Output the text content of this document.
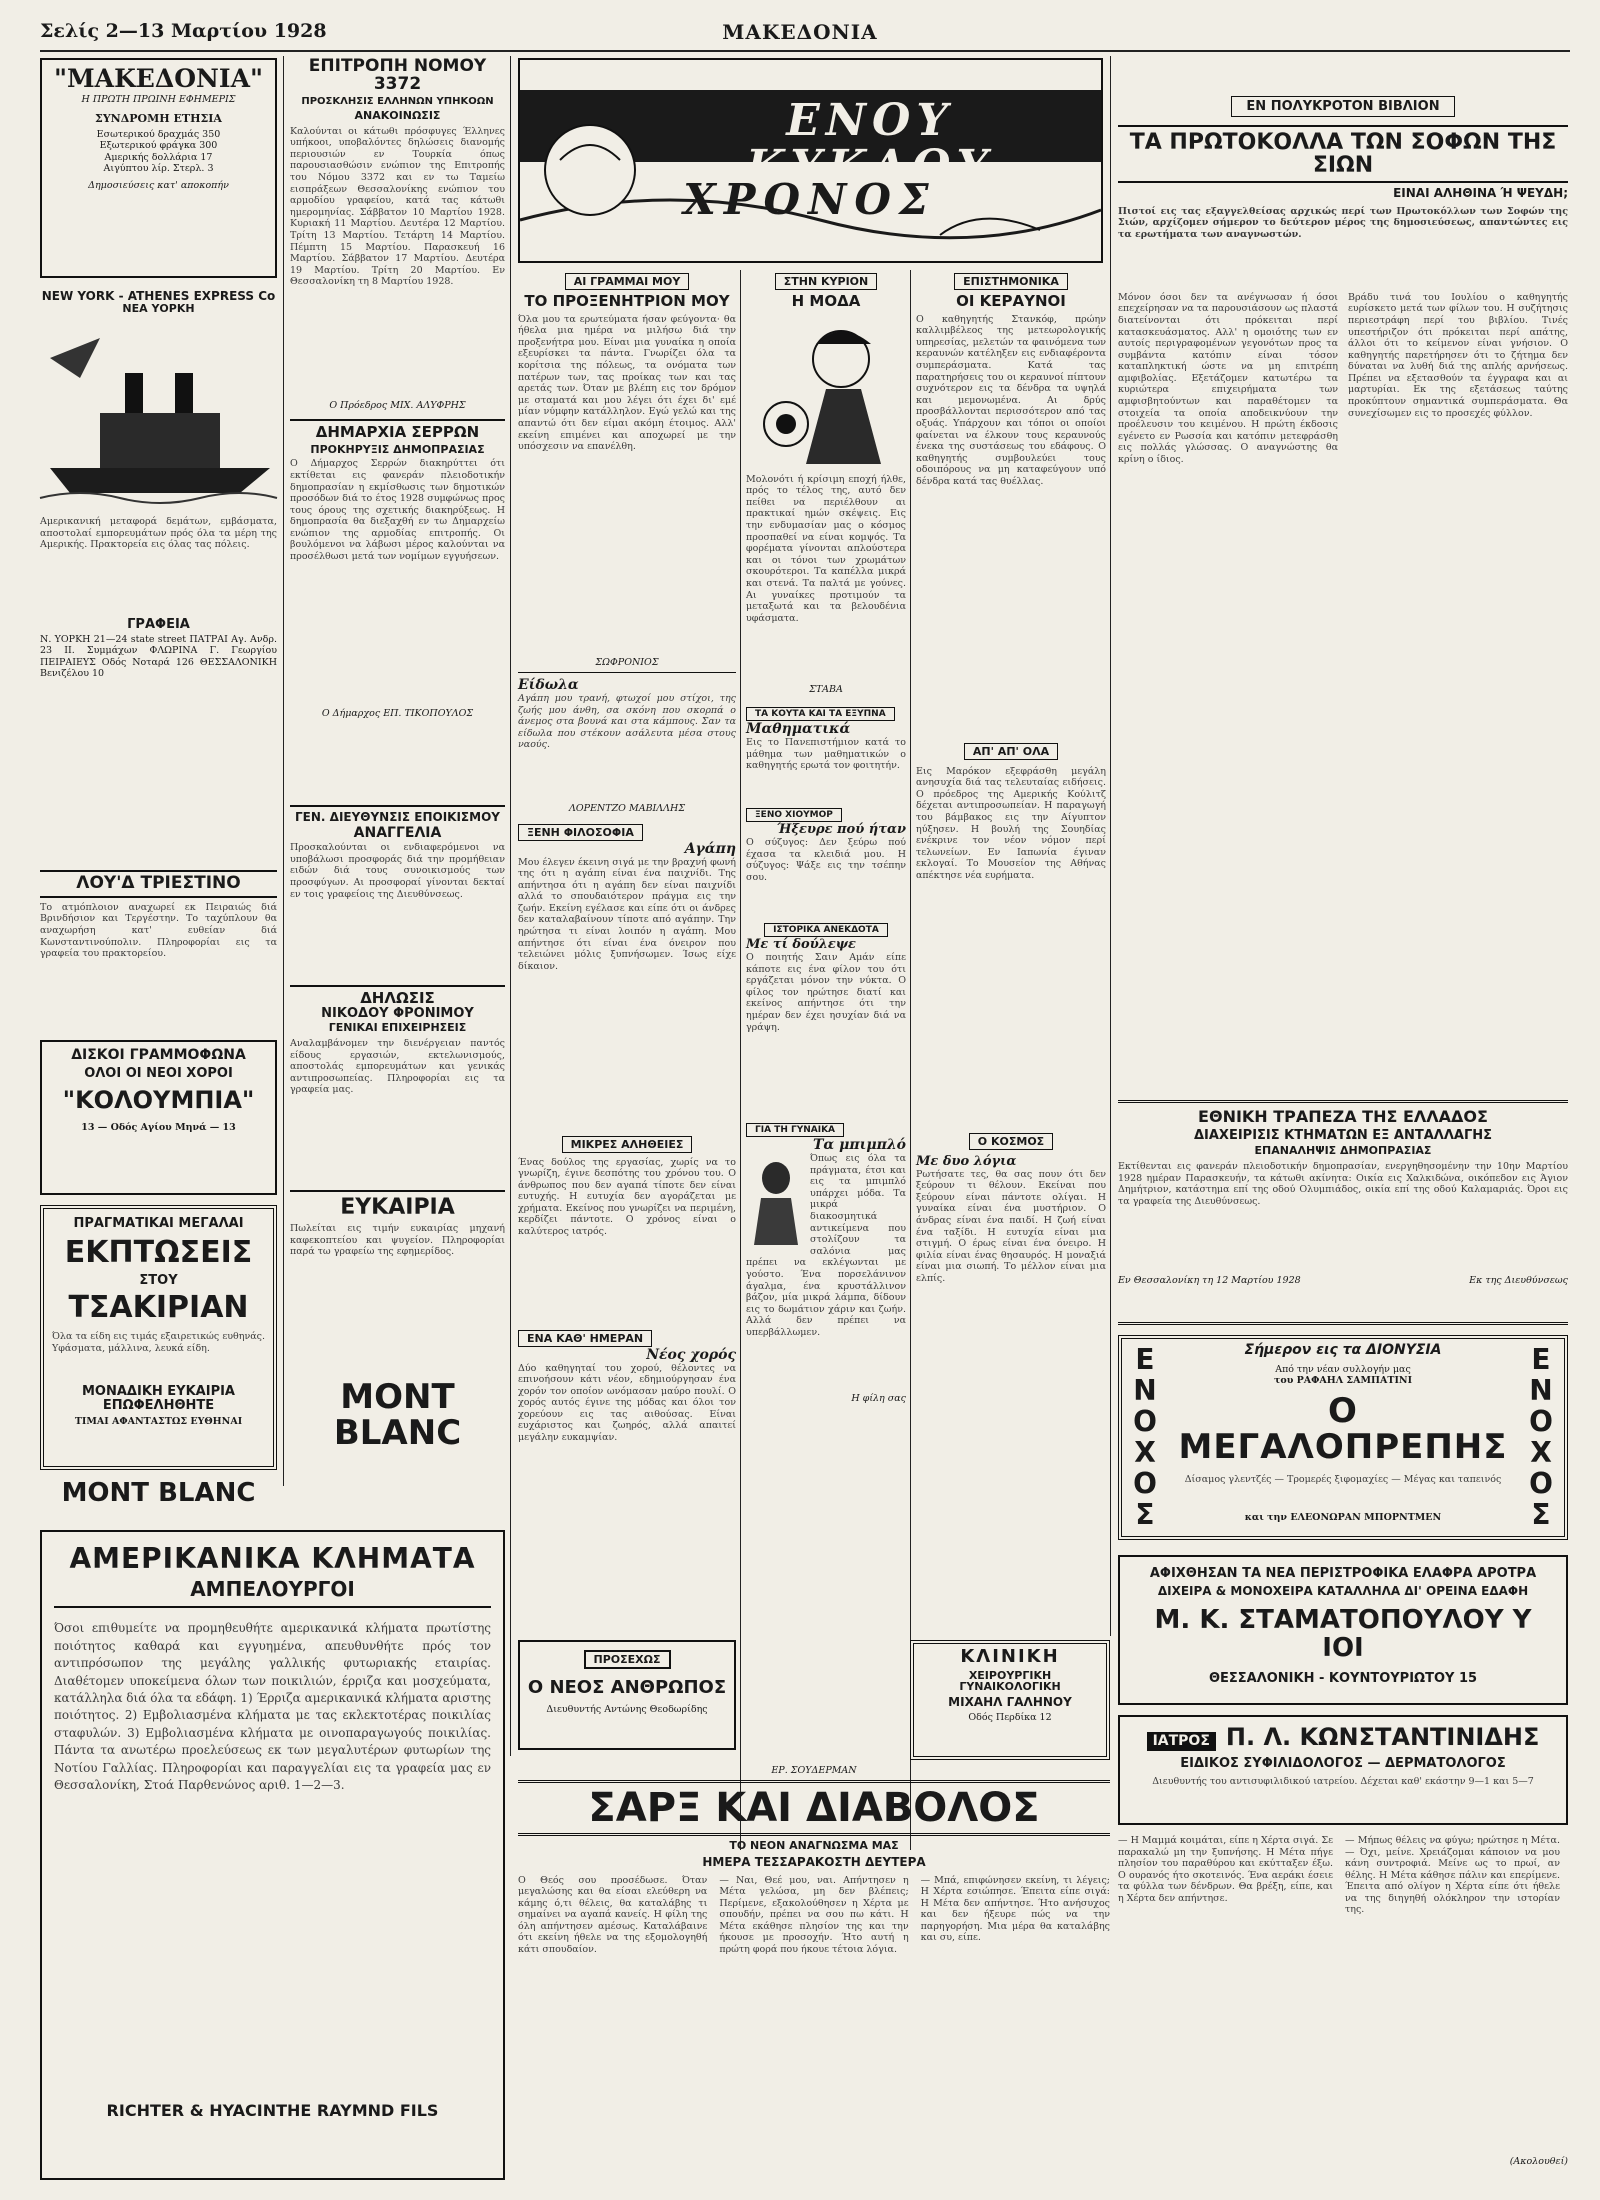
Σελίς 2—13 Μαρτίου 1928	ΜΑΚΕΔΟΝΙΑ
"ΜΑΚΕΔΟΝΙΑ"
Η ΠΡΩΤΗ ΠΡΩΙΝΗ ΕΦΗΜΕΡΙΣ
ΣΥΝΔΡΟΜΗ ΕΤΗΣΙΑ
Εσωτερικού δραχμάς 350
Εξωτερικού φράγκα 300
Αμερικής δολλάρια 17
Αιγύπτου λίρ. Στερλ. 3
Δημοσιεύσεις κατ' αποκοπήν
NEW YORK - ATHENES EXPRESS Co
ΝΕΑ ΥΟΡΚΗ
Αμερικανική μεταφορά δεμάτων, εμβάσματα, αποστολαί εμπορευμάτων πρός όλα τα μέρη της Αμερικής. Πρακτορεία εις όλας τας πόλεις.
ΓΡΑΦΕΙΑ
Ν. ΥΟΡΚΗ 21—24 state street ΠΑΤΡΑΙ Αγ. Ανδρ. 23 ΙΙ. Συμμάχων ΦΛΩΡΙΝΑ Γ. Γεωργίου ΠΕΙΡΑΙΕΥΣ Οδός Νοταρά 126 ΘΕΣΣΑΛΟΝΙΚΗ Βενιζέλου 10
ΛΟΥ'Δ ΤΡΙΕΣΤΙΝΟ
Το ατμόπλοιον αναχωρεί εκ Πειραιώς διά Βρινδήσιον και Τεργέστην. Το ταχύπλουν θα αναχωρήση κατ' ευθείαν διά Κωνσταντινούπολιν. Πληροφορίαι εις τα γραφεία του πρακτορείου.
ΔΙΣΚΟΙ ΓΡΑΜΜΟΦΩΝΑ
ΟΛΟΙ ΟΙ ΝΕΟΙ ΧΟΡΟΙ
"ΚΟΛΟΥΜΠΙΑ"
13 — Οδός Αγίου Μηνά — 13
ΠΡΑΓΜΑΤΙΚΑΙ ΜΕΓΑΛΑΙ
ΕΚΠΤΩΣΕΙΣ
ΣΤΟΥ
ΤΣΑΚΙΡΙΑΝ
Όλα τα είδη εις τιμάς εξαιρετικώς ευθηνάς. Υφάσματα, μάλλινα, λευκά είδη.
ΜΟΝΑΔΙΚΗ ΕΥΚΑΙΡΙΑ ΕΠΩΦΕΛΗΘΗΤΕ
ΤΙΜΑΙ ΑΦΑΝΤΑΣΤΩΣ ΕΥΘΗΝΑΙ
MONT BLANC
ΕΠΙΤΡΟΠΗ ΝΟΜΟΥ 3372
ΠΡΟΣΚΛΗΣΙΣ ΕΛΛΗΝΩΝ ΥΠΗΚΟΩΝ
ΑΝΑΚΟΙΝΩΣΙΣ
Καλούνται οι κάτωθι πρόσφυγες Έλληνες υπήκοοι, υποβαλόντες δηλώσεις διανομής περιουσιών εν Τουρκία όπως παρουσιασθώσιν ενώπιον της Επιτροπής του Νόμου 3372 και εν τω Ταμείω εισπράξεων Θεσσαλονίκης ενώπιον του αρμοδίου γραφείου, κατά τας κάτωθι ημερομηνίας. Σάββατον 10 Μαρτίου 1928. Κυριακή 11 Μαρτίου. Δευτέρα 12 Μαρτίου. Τρίτη 13 Μαρτίου. Τετάρτη 14 Μαρτίου. Πέμπτη 15 Μαρτίου. Παρασκευή 16 Μαρτίου. Σάββατον 17 Μαρτίου. Δευτέρα 19 Μαρτίου. Τρίτη 20 Μαρτίου. Εν Θεσσαλονίκη τη 8 Μαρτίου 1928.
Ο Πρόεδρος ΜΙΧ. ΑΛΥΦΡΗΣ
ΔΗΜΑΡΧΙΑ ΣΕΡΡΩΝ
ΠΡΟΚΗΡΥΞΙΣ ΔΗΜΟΠΡΑΣΙΑΣ
Ο Δήμαρχος Σερρών διακηρύττει ότι εκτίθεται εις φανεράν πλειοδοτικήν δημοπρασίαν η εκμίσθωσις των δημοτικών προσόδων διά το έτος 1928 συμφώνως προς τους όρους της σχετικής διακηρύξεως. Η δημοπρασία θα διεξαχθή εν τω Δημαρχείω ενώπιον της αρμοδίας επιτροπής. Οι βουλόμενοι να λάβωσι μέρος καλούνται να προσέλθωσι μετά των νομίμων εγγυήσεων.
Ο Δήμαρχος ΕΠ. ΤΙΚΟΠΟΥΛΟΣ
ΓΕΝ. ΔΙΕΥΘΥΝΣΙΣ ΕΠΟΙΚΙΣΜΟΥ
ΑΝΑΓΓΕΛΙΑ
Προσκαλούνται οι ενδιαφερόμενοι να υποβάλωσι προσφοράς διά την προμήθειαν ειδών διά τους συνοικισμούς των προσφύγων. Αι προσφοραί γίνονται δεκταί εν τοις γραφείοις της Διευθύνσεως.
ΔΗΛΩΣΙΣ
ΝΙΚΟΔΟΥ ΦΡΟΝΙΜΟΥ
ΓΕΝΙΚΑΙ ΕΠΙΧΕΙΡΗΣΕΙΣ
Αναλαμβάνομεν την διενέργειαν παντός είδους εργασιών, εκτελωνισμούς, αποστολάς εμπορευμάτων και γενικάς αντιπροσωπείας. Πληροφορίαι εις τα γραφεία μας.
ΕΥΚΑΙΡΙΑ
Πωλείται εις τιμήν ευκαιρίας μηχανή καφεκοπτείου και ψυγείον. Πληροφορίαι παρά τω γραφείω της εφημερίδος.
MONT BLANC
ΕΝΟΥ ΚΥΚΛΟΥ
ΧΡΟΝΟΣ
ΑΙ ΓΡΑΜΜΑΙ ΜΟΥ
ΤΟ ΠΡΟΞΕΝΗΤΡΙΟΝ ΜΟΥ
Όλα μου τα ερωτεύματα ήσαν φεύγοντα· θα ήθελα μια ημέρα να μιλήσω διά την προξενήτρα μου. Είναι μια γυναίκα η οποία εξευρίσκει τα πάντα. Γνωρίζει όλα τα κορίτσια της πόλεως, τα ονόματα των πατέρων των, τας προίκας των και τας αρετάς των. Όταν με βλέπη εις τον δρόμον με σταματά και μου λέγει ότι έχει δι' εμέ μίαν νύμφην κατάλληλον. Εγώ γελώ και της απαντώ ότι δεν είμαι ακόμη έτοιμος. Αλλ' εκείνη επιμένει και αποχωρεί με την υπόσχεσιν να επανέλθη.
ΣΩΦΡΟΝΙΟΣ
Είδωλα
Αγάπη μου τρανή, φτωχοί μου στίχοι, της ζωής μου άνθη, σα σκόνη που σκορπά ο άνεμος στα βουνά και στα κάμπους. Σαν τα είδωλα που στέκουν ασάλευτα μέσα στους ναούς.
ΛΟΡΕΝΤΖΟ ΜΑΒΙΛΛΗΣ
ΞΕΝΗ ΦΙΛΟΣΟΦΙΑ
Αγάπη
Μου έλεγεν έκεινη σιγά με την βραχνή φωνή της ότι η αγάπη είναι ένα παιχνίδι. Της απήντησα ότι η αγάπη δεν είναι παιχνίδι αλλά το σπουδαιότερον πράγμα εις την ζωήν. Εκείνη εγέλασε και είπε ότι οι άνδρες δεν καταλαβαίνουν τίποτε από αγάπην. Την ηρώτησα τι είναι λοιπόν η αγάπη. Μου απήντησε ότι είναι ένα όνειρον που τελειώνει μόλις ξυπνήσωμεν. Ίσως είχε δίκαιον.
ΜΙΚΡΕΣ ΑΛΗΘΕΙΕΣ
Ένας δούλος της εργασίας, χωρίς να το γνωρίζη, έγινε δεσπότης του χρόνου του. Ο άνθρωπος που δεν αγαπά τίποτε δεν είναι ευτυχής. Η ευτυχία δεν αγοράζεται με χρήματα. Εκείνος που γνωρίζει να περιμένη, κερδίζει πάντοτε. Ο χρόνος είναι ο καλύτερος ιατρός.
ΕΝΑ ΚΑΘ' ΗΜΕΡΑΝ
Νέος χορός
Δύο καθηγηταί του χορού, θέλοντες να επινοήσουν κάτι νέον, εδημιούργησαν ένα χορόν τον οποίον ωνόμασαν μαύρο πουλί. Ο χορός αυτός έγινε της μόδας και όλοι τον χορεύουν εις τας αιθούσας. Είναι ευχάριστος και ζωηρός, αλλά απαιτεί μεγάλην ευκαμψίαν.
ΠΡΟΣΕΧΩΣ
Ο ΝΕΟΣ ΑΝΘΡΩΠΟΣ
Διευθυντής Αντώνης Θεοδωρίδης
ΣΤΗΝ ΚΥΡΙΟΝ
Η ΜΟΔΑ
Μολονότι ή κρίσιμη εποχή ήλθε, πρός το τέλος της, αυτό δεν πείθει να περιέλθουν αι πρακτικαί ημών σκέψεις. Εις την ενδυμασίαν μας ο κόσμος προσπαθεί να είναι κομψός. Τα φορέματα γίνονται απλούστερα και οι τόνοι των χρωμάτων σκουρότεροι. Τα καπέλλα μικρά και στενά. Τα παλτά με γούνες. Αι γυναίκες προτιμούν τα μεταξωτά και τα βελουδένια υφάσματα.
ΣΤΑΒΑ
ΤΑ ΚΟΥΤΑ ΚΑΙ ΤΑ ΕΞΥΠΝΑ
Μαθηματικά
Εις το Πανεπιστήμιον κατά το μάθημα των μαθηματικών ο καθηγητής ερωτά τον φοιτητήν.
ΞΕΝΟ ΧΙΟΥΜΟΡ
Ήξευρε πού ήταν
Ο σύζυγος: Δεν ξεύρω πού έχασα τα κλειδιά μου. Η σύζυγος: Ψάξε εις την τσέπην σου.
ΙΣΤΟΡΙΚΑ ΑΝΕΚΔΟΤΑ
Με τί δούλεψε
Ο ποιητής Σαιν Αμάν είπε κάποτε εις ένα φίλον του ότι εργάζεται μόνον την νύκτα. Ο φίλος τον ηρώτησε διατί και εκείνος απήντησε ότι την ημέραν δεν έχει ησυχίαν διά να γράψη.
ΓΙΑ ΤΗ ΓΥΝΑΙΚΑ
Τα μπιμπλό
Όπως εις όλα τα πράγματα, έτσι και εις τα μπιμπλό υπάρχει μόδα. Τα μικρά διακοσμητικά αντικείμενα που στολίζουν τα σαλόνια μας πρέπει να εκλέγωνται με γούστο. Ένα πορσελάνινον άγαλμα, ένα κρυστάλλινον βάζον, μία μικρά λάμπα, δίδουν εις το δωμάτιον χάριν και ζωήν. Αλλά δεν πρέπει να υπερβάλλωμεν.
Η φίλη σας
ΕΠΙΣΤΗΜΟΝΙΚΑ
ΟΙ ΚΕΡΑΥΝΟΙ
Ο καθηγητής Στανκόφ, πρώην καλλιμβέλεος της μετεωρολογικής υπηρεσίας, μελετών τα φαινόμενα των κεραυνών κατέληξεν εις ενδιαφέροντα συμπεράσματα. Κατά τας παρατηρήσεις του οι κεραυνοί πίπτουν συχνότερον εις τα δένδρα τα υψηλά και μεμονωμένα. Αι δρύς προσβάλλονται περισσότερον από τας οξυάς. Υπάρχουν και τόποι οι οποίοι φαίνεται να έλκουν τους κεραυνούς ένεκα της συστάσεως του εδάφους. Ο καθηγητής συμβουλεύει τους οδοιπόρους να μη καταφεύγουν υπό δένδρα κατά τας θυέλλας.
ΑΠ' ΑΠ' ΟΛΑ
Εις Μαρόκον εξεφράσθη μεγάλη ανησυχία διά τας τελευταίας ειδήσεις. Ο πρόεδρος της Αμερικής Κούλιτζ δέχεται αντιπροσωπείαν. Η παραγωγή του βάμβακος εις την Αίγυπτον ηύξησεν. Η βουλή της Σουηδίας ενέκρινε τον νέον νόμον περί τελωνείων. Εν Ιαπωνία έγιναν εκλογαί. Το Μουσείον της Αθήνας απέκτησε νέα ευρήματα.
Ο ΚΟΣΜΟΣ
Με δυο λόγια
Ρωτήσατε τες, θα σας πουν ότι δεν ξεύρουν τι θέλουν. Εκείναι που ξεύρουν είναι πάντοτε ολίγαι. Η γυναίκα είναι ένα μυστήριον. Ο άνδρας είναι ένα παιδί. Η ζωή είναι ένα ταξίδι. Η ευτυχία είναι μια στιγμή. Ο έρως είναι ένα όνειρο. Η φιλία είναι ένας θησαυρός. Η μοναξιά είναι μια σιωπή. Το μέλλον είναι μια ελπίς.
ΚΛΙΝΙΚΗ
ΧΕΙΡΟΥΡΓΙΚΗ ΓΥΝΑΙΚΟΛΟΓΙΚΗ
ΜΙΧΑΗΛ ΓΑΛΗΝΟΥ
Οδός Περδίκα 12
ΕΝ ΠΟΛΥΚΡΟΤΟΝ ΒΙΒΛΙΟΝ
ΤΑ ΠΡΩΤΟΚΟΛΛΑ ΤΩΝ ΣΟΦΩΝ ΤΗΣ ΣΙΩΝ
ΕΙΝΑΙ ΑΛΗΘΙΝΑ Ή ΨΕΥΔΗ;
Πιστοί εις τας εξαγγελθείσας αρχικώς περί των Πρωτοκόλλων των Σοφών της Σιών, αρχίζομεν σήμερον το δεύτερον μέρος της δημοσιεύσεως, απαντώντες εις τα ερωτήματα των αναγνωστών.
Μόνον όσοι δεν τα ανέγνωσαν ή όσοι επεχείρησαν να τα παρουσιάσουν ως πλαστά διατείνονται ότι πρόκειται περί κατασκευάσματος. Αλλ' η ομοιότης των εν αυτοίς περιγραφομένων γεγονότων προς τα συμβάντα κατόπιν είναι τόσον καταπληκτική ώστε να μη επιτρέπη αμφιβολίας. Εξετάζομεν κατωτέρω τα κυριώτερα επιχειρήματα των αμφισβητούντων και παραθέτομεν τα στοιχεία τα οποία αποδεικνύουν την προέλευσιν του κειμένου. Η πρώτη έκδοσις εγένετο εν Ρωσσία και κατόπιν μετεφράσθη εις πολλάς γλώσσας. Ο αναγνώστης θα κρίνη ο ίδιος.
Βράδυ τινά του Ιουλίου ο καθηγητής ευρίσκετο μετά των φίλων του. Η συζήτησις περιεστράφη περί του βιβλίου. Τινές υπεστήριζον ότι πρόκειται περί απάτης, άλλοι ότι το κείμενον είναι γνήσιον. Ο καθηγητής παρετήρησεν ότι το ζήτημα δεν δύναται να λυθή διά της απλής αρνήσεως. Πρέπει να εξετασθούν τα έγγραφα και αι μαρτυρίαι. Εκ της εξετάσεως ταύτης προκύπτουν σημαντικά συμπεράσματα. Θα συνεχίσωμεν εις το προσεχές φύλλον.
ΕΘΝΙΚΗ ΤΡΑΠΕΖΑ ΤΗΣ ΕΛΛΑΔΟΣ
ΔΙΑΧΕΙΡΙΣΙΣ ΚΤΗΜΑΤΩΝ ΕΞ ΑΝΤΑΛΛΑΓΗΣ
ΕΠΑΝΑΛΗΨΙΣ ΔΗΜΟΠΡΑΣΙΑΣ
Εκτίθενται εις φανεράν πλειοδοτικήν δημοπρασίαν, ενεργηθησομένην την 10ην Μαρτίου 1928 ημέραν Παρασκευήν, τα κάτωθι ακίνητα: Οικία εις Χαλκιδώνα, οικόπεδον εις Άγιον Δημήτριον, κατάστημα επί της οδού Ολυμπιάδος, οικία επί της οδού Καλαμαριάς. Όροι εις τα γραφεία της Διευθύνσεως.
Εν Θεσσαλονίκη τη 12 Μαρτίου 1928	Εκ της Διευθύνσεως
Ε
Ν
Ο
Χ
Ο
Σ
Ε
Ν
Ο
Χ
Ο
Σ
Σήμερον εις τα ΔΙΟΝΥΣΙΑ
Από την νέαν συλλογήν μας
του ΡΑΦΑΗΛ ΣΑΜΠΑΤΙΝΙ
Ο ΜΕΓΑΛΟΠΡΕΠΗΣ
Δίσαμος γλεντζές — Τρομερές ξιφομαχίες — Μέγας και ταπεινός
και την ΕΛΕΟΝΩΡΑΝ ΜΠΟΡΝΤΜΕΝ
ΑΦΙΧΘΗΣΑΝ ΤΑ ΝΕΑ ΠΕΡΙΣΤΡΟΦΙΚΑ ΕΛΑΦΡΑ ΑΡΟΤΡΑ
ΔΙΧΕΙΡΑ & ΜΟΝΟΧΕΙΡΑ ΚΑΤΑΛΛΗΛΑ ΔΙ' ΟΡΕΙΝΑ ΕΔΑΦΗ
Μ. Κ. ΣΤΑΜΑΤΟΠΟΥΛΟΥ Υ ΙΟΙ
ΘΕΣΣΑΛΟΝΙΚΗ - ΚΟΥΝΤΟΥΡΙΩΤΟΥ 15
ΙΑΤΡΟΣ Π. Λ. ΚΩΝΣΤΑΝΤΙΝΙΔΗΣ
ΕΙΔΙΚΟΣ ΣΥΦΙΛΙΔΟΛΟΓΟΣ — ΔΕΡΜΑΤΟΛΟΓΟΣ
Διευθυντής του αντισυφιλιδικού ιατρείου. Δέχεται καθ' εκάστην 9—1 και 5—7
ΑΜΕΡΙΚΑΝΙΚΑ ΚΛΗΜΑΤΑ
ΑΜΠΕΛΟΥΡΓΟΙ
Όσοι επιθυμείτε να προμηθευθήτε αμερικανικά κλήματα πρωτίστης ποιότητος καθαρά και εγγυημένα, απευθυνθήτε πρός τον αντιπρόσωπον της μεγάλης γαλλικής φυτωριακής εταιρίας. Διαθέτομεν υποκείμενα όλων των ποικιλιών, έρριζα και μοσχεύματα, κατάλληλα διά όλα τα εδάφη. 1) Έρριζα αμερικανικά κλήματα αριστης ποιότητος. 2) Εμβολιασμένα κλήματα με τας εκλεκτοτέρας ποικιλίας σταφυλών. 3) Εμβολιασμένα κλήματα με οινοπαραγωγούς ποικιλίας. Πάντα τα ανωτέρω προελεύσεως εκ των μεγαλυτέρων φυτωρίων της Νοτίου Γαλλίας. Πληροφορίαι και παραγγελίαι εις τα γραφεία μας εν Θεσσαλονίκη, Στοά Παρθενώνος αριθ. 1—2—3.
RICHTER & HYACINTHE RAYMND FILS
ΕΡ. ΣΟΥΔΕΡΜΑΝ
ΣΑΡΞ ΚΑΙ ΔΙΑΒΟΛΟΣ
ΤΟ ΝΕΟΝ ΑΝΑΓΝΩΣΜΑ ΜΑΣ
ΗΜΕΡΑ ΤΕΣΣΑΡΑΚΟΣΤΗ ΔΕΥΤΕΡΑ
Ο Θεός σου προσέδωσε. Όταν μεγαλώσης και θα είσαι ελεύθερη να κάμης ό,τι θέλεις, θα καταλάβης τι σημαίνει να αγαπά κανείς. Η φίλη της όλη απήντησεν αμέσως. Καταλάβαινε ότι εκείνη ήθελε να της εξομολογηθή κάτι σπουδαίον.
— Ναι, Θεέ μου, ναι. Απήντησεν η Μέτα γελώσα, μη δεν βλέπεις; Περίμενε, εξακολούθησεν η Χέρτα με σπουδήν, πρέπει να σου πω κάτι. Η Μέτα εκάθησε πλησίον της και την ήκουσε με προσοχήν. Ήτο αυτή η πρώτη φορά που ήκουε τέτοια λόγια.
— Μπά, επιφώνησεν εκείνη, τι λέγεις; Η Χέρτα εσιώπησε. Έπειτα είπε σιγά: Η Μέτα δεν απήντησε. Ήτο ανήσυχος και δεν ήξευρε πώς να την παρηγορήση. Μια μέρα θα καταλάβης και συ, είπε.
— Η Μαμμά κοιμάται, είπε η Χέρτα σιγά. Σε παρακαλώ μη την ξυπνήσης. Η Μέτα πήγε πλησίον του παραθύρου και εκύτταξεν έξω. Ο ουρανός ήτο σκοτεινός. Ένα αεράκι έσειε τα φύλλα των δένδρων. Θα βρέξη, είπε, και η Χέρτα δεν απήντησε.
— Μήπως θέλεις να φύγω; ηρώτησε η Μέτα. — Όχι, μείνε. Χρειάζομαι κάποιον να μου κάνη συντροφιά. Μείνε ως το πρωί, αν θέλης. Η Μέτα κάθησε πάλιν και επερίμενε. Έπειτα από ολίγον η Χέρτα είπε ότι ήθελε να της διηγηθή ολόκληρον την ιστορίαν της.
(Ακολουθεί)
